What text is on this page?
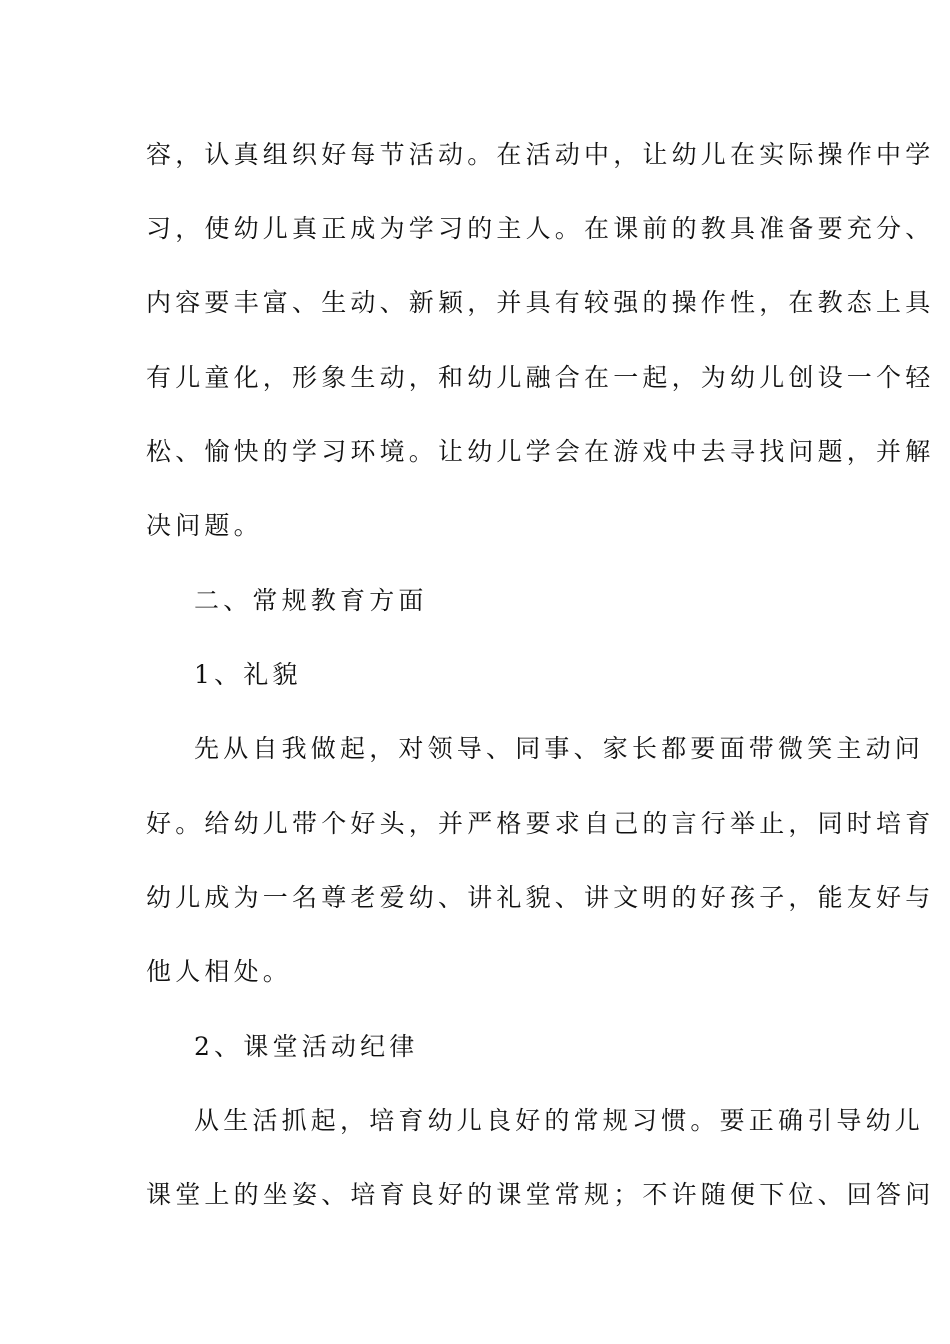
容，认真组织好每节活动。在活动中，让幼儿在实际操作中学
习，使幼儿真正成为学习的主人。在课前的教具准备要充分、
内容要丰富、生动、新颖，并具有较强的操作性，在教态上具
有儿童化，形象生动，和幼儿融合在一起，为幼儿创设一个轻
松、愉快的学习环境。让幼儿学会在游戏中去寻找问题，并解
决问题。
二、常规教育方面
1、礼貌
先从自我做起，对领导、同事、家长都要面带微笑主动问
好。给幼儿带个好头，并严格要求自己的言行举止，同时培育
幼儿成为一名尊老爱幼、讲礼貌、讲文明的好孩子，能友好与
他人相处。
2、课堂活动纪律
从生活抓起，培育幼儿良好的常规习惯。要正确引导幼儿
课堂上的坐姿、培育良好的课堂常规；不许随便下位、回答问
